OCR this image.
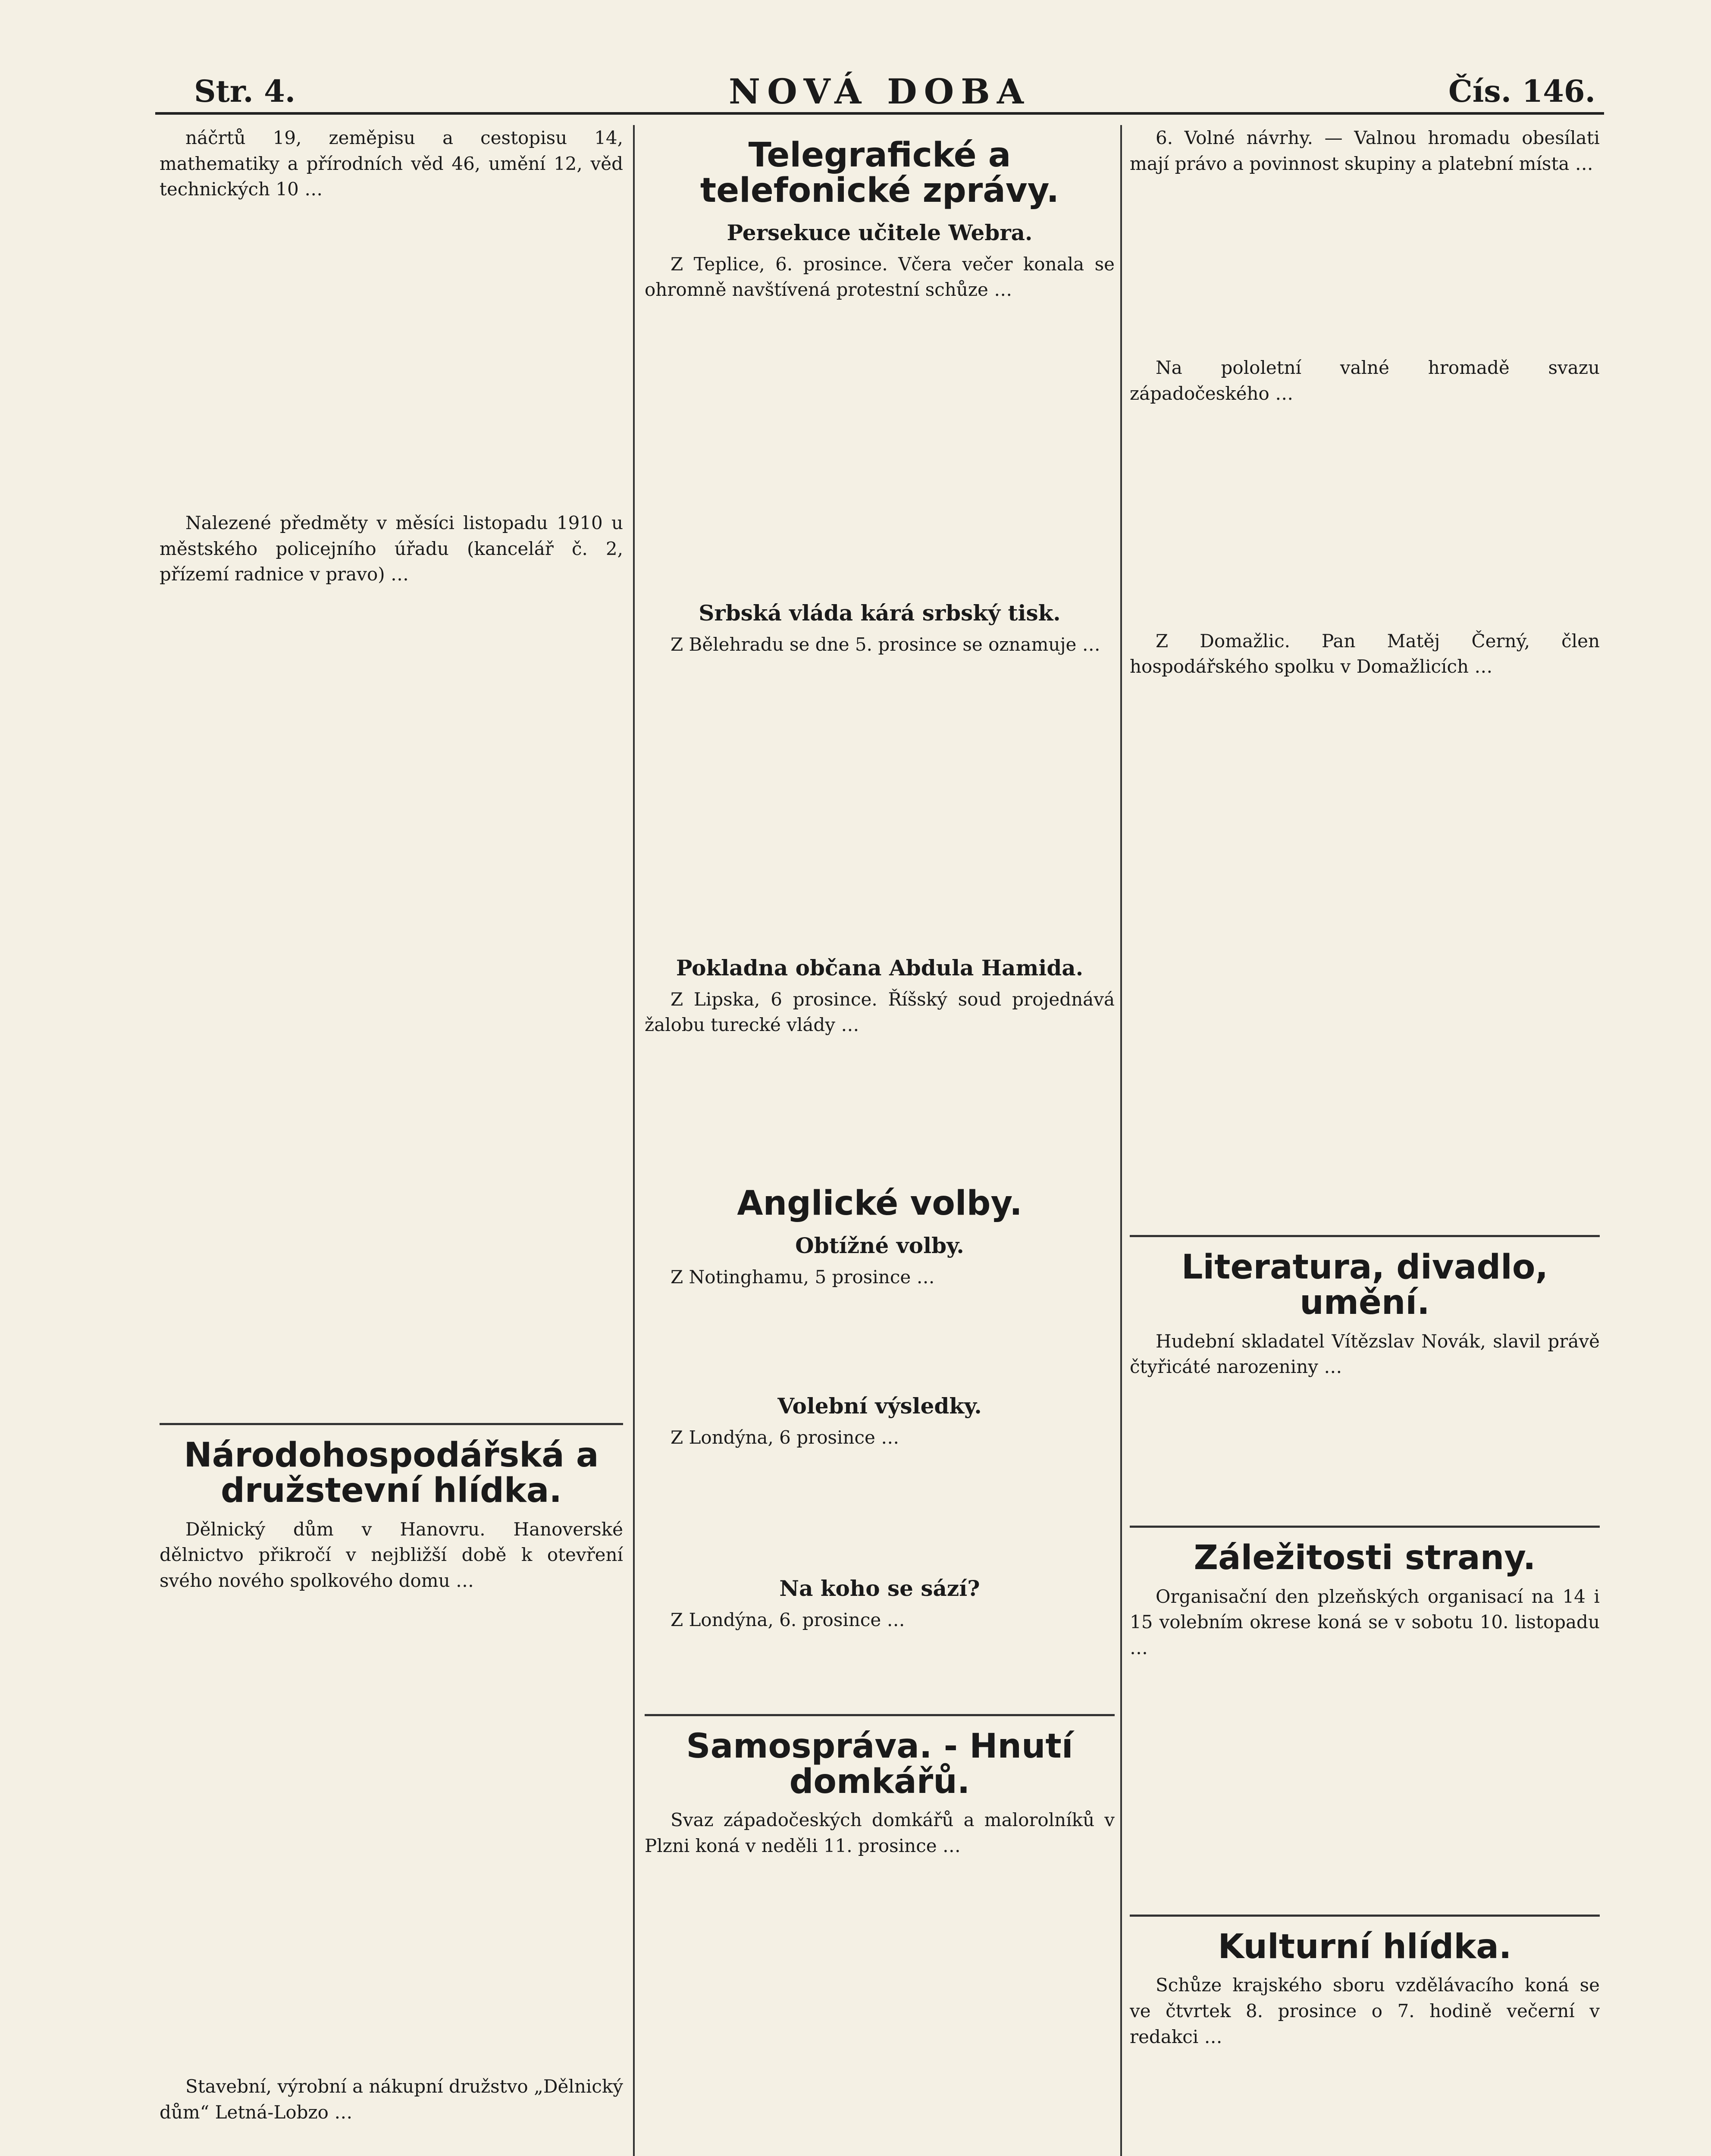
Str. 4.	NOVÁ DOBA	Čís. 146.

náčrtů 19, zeměpisu a cestopisu 14, mathematiky a přírodních věd 46, umění 12, věd technických 10 …

Nalezené předměty v měsíci listopadu 1910 u městského policejního úřadu (kancelář č. 2, přízemí radnice v pravo) …

Národohospodářská a družstevní hlídka.

Dělnický dům v Hanovru. Hanoverské dělnictvo přikročí v nejbližší době k otevření svého nového spolkového domu …

Stavební, výrobní a nákupní družstvo „Dělnický dům“ Letná-Lobzo …

Telegrafické a telefonické zprávy.
Persekuce učitele Webra.

Z Teplice, 6. prosince. Včera večer konala se ohromně navštívená protestní schůze …

Srbská vláda kárá srbský tisk.

Z Bělehradu se dne 5. prosince se oznamuje …

Pokladna občana Abdula Hamida.

Z Lipska, 6 prosince. Říšský soud projednává žalobu turecké vlády …

Anglické volby.
Obtížné volby.

Z Notinghamu, 5 prosince …

Volební výsledky.

Z Londýna, 6 prosince …

Na koho se sází?

Z Londýna, 6. prosince …

Samospráva. - Hnutí domkářů.

Svaz západočeských domkářů a malorolníků v Plzni koná v neděli 11. prosince …

6. Volné návrhy. — Valnou hromadu obesílati mají právo a povinnost skupiny a platební místa …

Na pololetní valné hromadě svazu západočeského …

Z Domažlic. Pan Matěj Černý, člen hospodářského spolku v Domažlicích …

Literatura, divadlo, umění.

Hudební skladatel Vítězslav Novák, slavil právě čtyřicáté narozeniny …

Záležitosti strany.

Organisační den plzeňských organisací na 14 i 15 volebním okrese koná se v sobotu 10. listopadu …

Kulturní hlídka.

Schůze krajského sboru vzdělávacího koná se ve čtvrtek 8. prosince o 7. hodině večerní v redakci …
